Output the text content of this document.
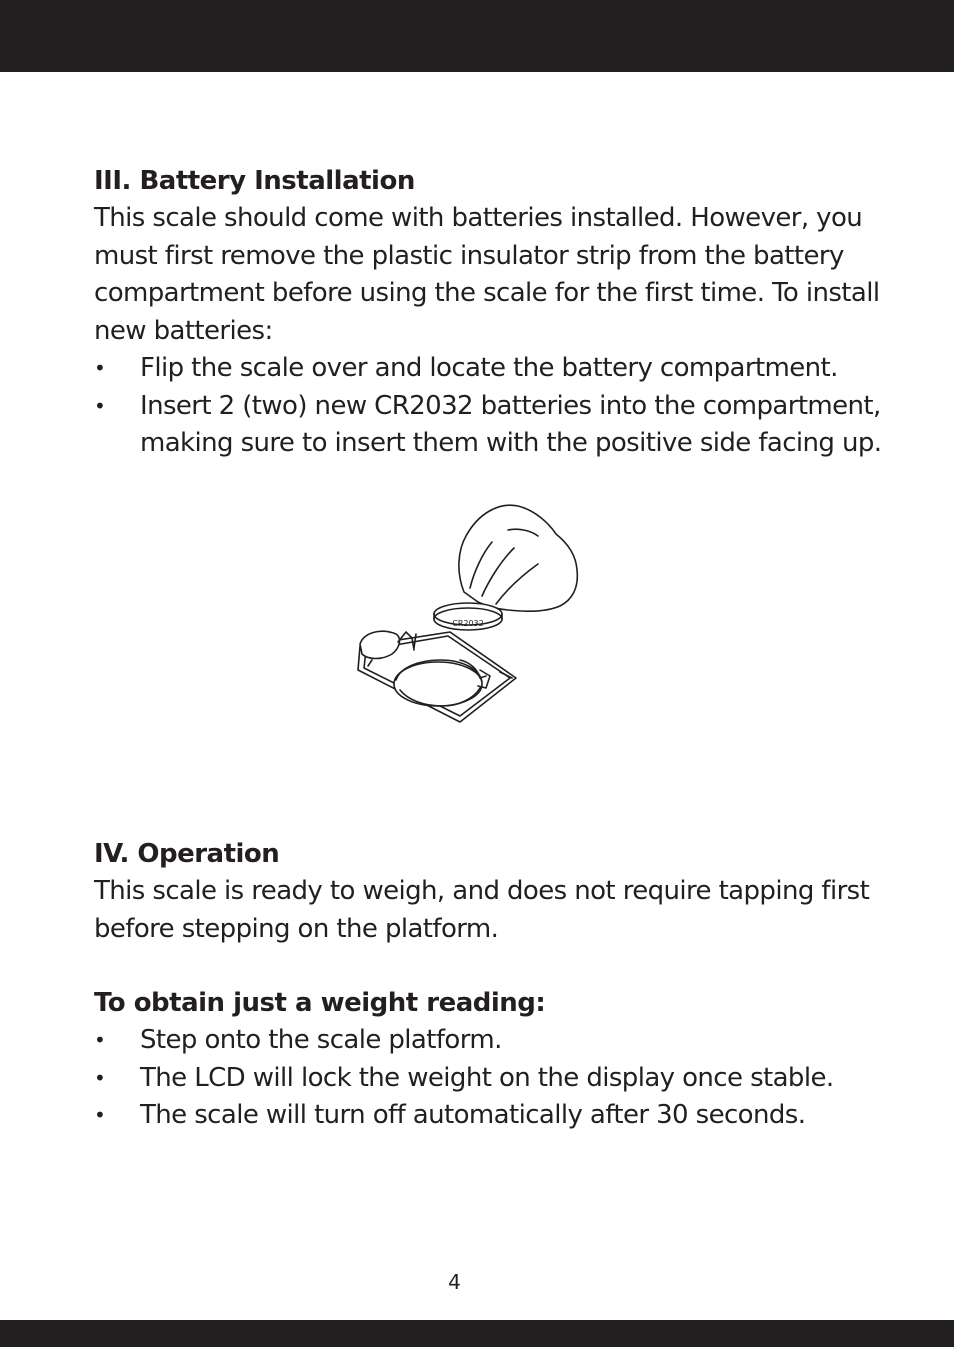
III. Battery Installation

This scale should come with batteries installed. However, you must first remove the plastic insulator strip from the battery compartment before using the scale for the first time. To install new batteries:

• Flip the scale over and locate the battery compartment.
• Insert 2 (two) new CR2032 batteries into the compartment, making sure to insert them with the positive side facing up.
CR2032
IV. Operation

This scale is ready to weigh, and does not require tapping first before stepping on the platform.

To obtain just a weight reading:
• Step onto the scale platform.
• The LCD will lock the weight on the display once stable.
• The scale will turn off automatically after 30 seconds.
4
